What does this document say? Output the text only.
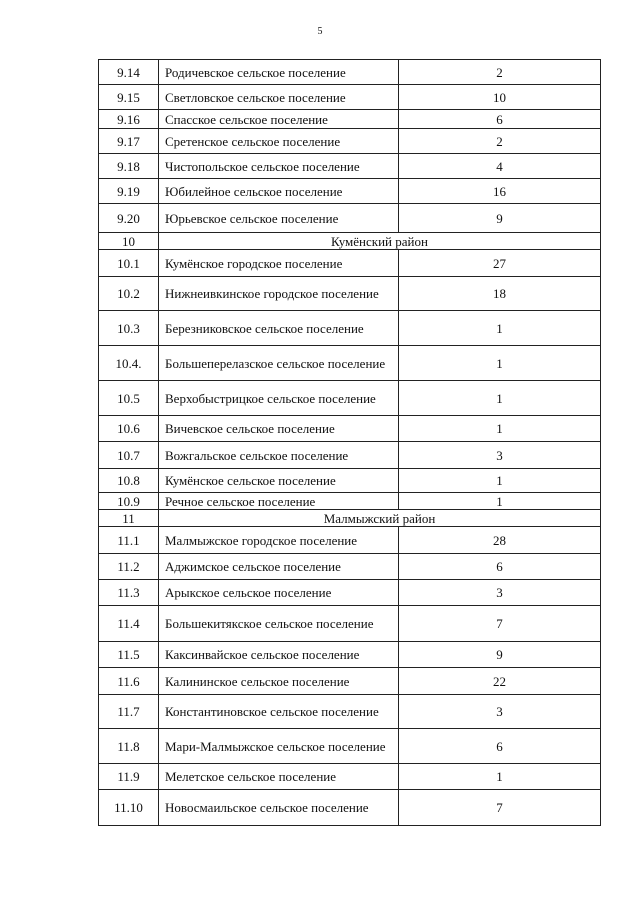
5
9.14	Родичевское сельское поселение	2
9.15	Светловское сельское поселение	10
9.16	Спасское сельское поселение	6
9.17	Сретенское сельское поселение	2
9.18	Чистопольское сельское поселение	4
9.19	Юбилейное сельское поселение	16
9.20	Юрьевское сельское поселение	9
10	Кумёнский район	
10.1	Кумёнское городское поселение	27
10.2	Нижнеивкинское городское поселение	18
10.3	Березниковское сельское поселение	1
10.4.	Большеперелазское сельское поселение	1
10.5	Верхобыстрицкое сельское поселение	1
10.6	Вичевское сельское поселение	1
10.7	Вожгальское сельское поселение	3
10.8	Кумёнское сельское поселение	1
10.9	Речное сельское поселение	1
11	Малмыжский район	
11.1	Малмыжское городское поселение	28
11.2	Аджимское сельское поселение	6
11.3	Арыкское сельское поселение	3
11.4	Большекитякское сельское поселение	7
11.5	Каксинвайское сельское поселение	9
11.6	Калининское сельское поселение	22
11.7	Константиновское сельское поселение	3
11.8	Мари-Малмыжское сельское поселение	6
11.9	Мелетское сельское поселение	1
11.10	Новосмаильское сельское поселение	7
